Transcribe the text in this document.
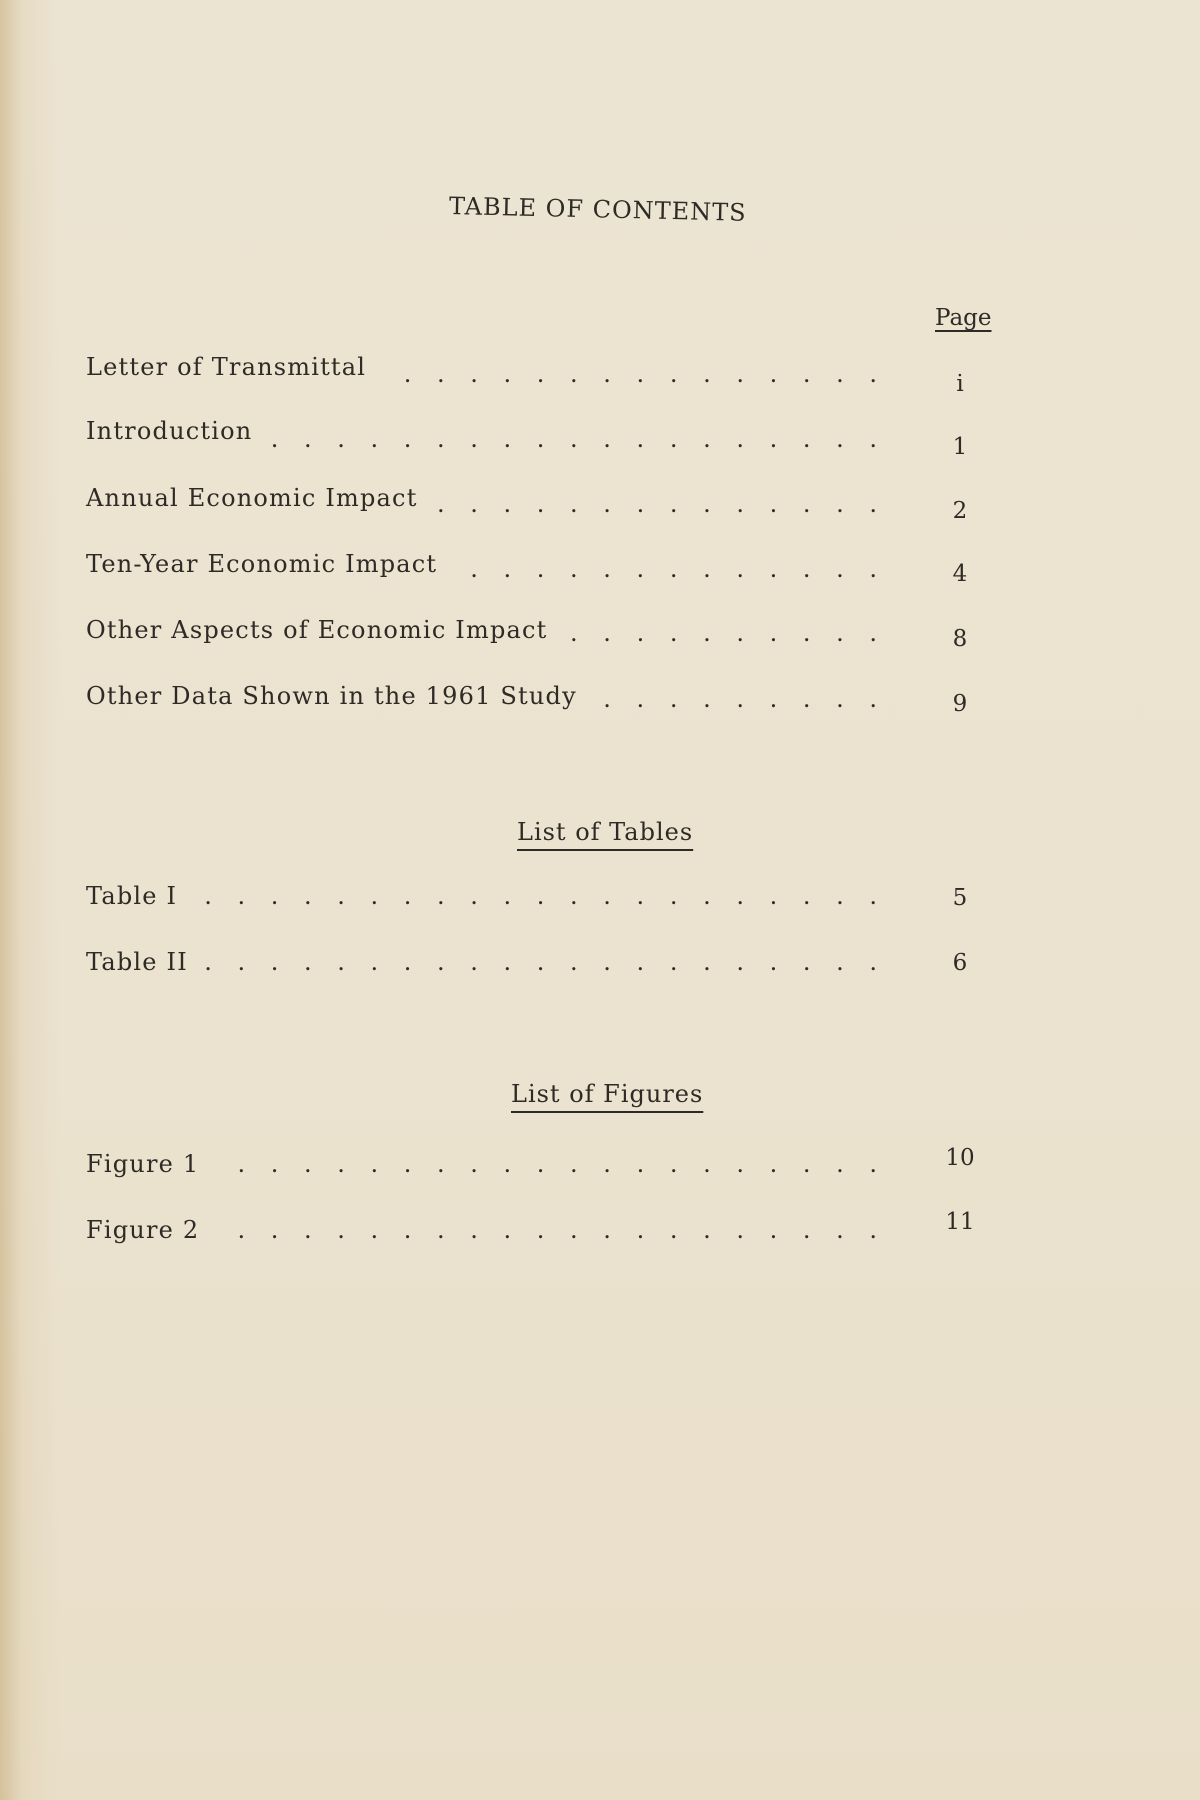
TABLE OF CONTENTS
Page
Letter of Transmittal . . . . . . . . . . . . . . .	i
Introduction . . . . . . . . . . . . . . . . . . .	1
Annual Economic Impact . . . . . . . . . . . . . .	2
Ten-Year Economic Impact . . . . . . . . . . . . .	4
Other Aspects of Economic Impact . . . . . . . . . .	8
Other Data Shown in the 1961 Study . . . . . . . . .	9
List of Tables
Table I . . . . . . . . . . . . . . . . . . . . .	5
Table II . . . . . . . . . . . . . . . . . . . . .	6
List of Figures
Figure 1 . . . . . . . . . . . . . . . . . . . .	10
Figure 2 . . . . . . . . . . . . . . . . . . . .	11
